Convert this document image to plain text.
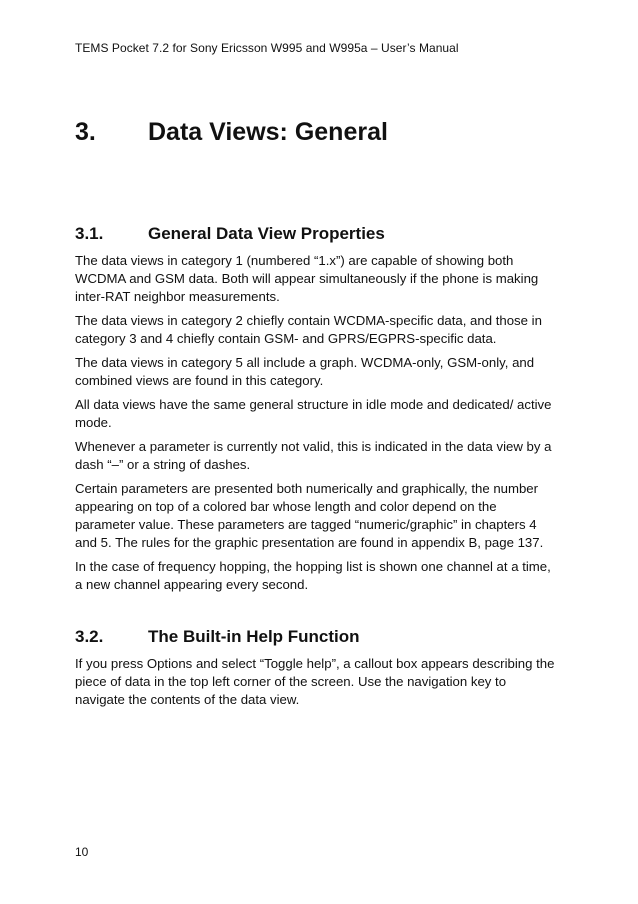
TEMS Pocket 7.2 for Sony Ericsson W995 and W995a – User’s Manual
3.	Data Views: General
3.1.	General Data View Properties

The data views in category 1 (numbered “1.x”) are capable of showing both WCDMA and GSM data. Both will appear simultaneously if the phone is making inter-RAT neighbor measurements.

The data views in category 2 chiefly contain WCDMA-specific data, and those in category 3 and 4 chiefly contain GSM- and GPRS/EGPRS-specific data.

The data views in category 5 all include a graph. WCDMA-only, GSM-only, and combined views are found in this category.

All data views have the same general structure in idle mode and dedicated/ active mode.

Whenever a parameter is currently not valid, this is indicated in the data view by a dash “–” or a string of dashes.

Certain parameters are presented both numerically and graphically, the number appearing on top of a colored bar whose length and color depend on the parameter value. These parameters are tagged “numeric/graphic” in chapters 4 and 5. The rules for the graphic presentation are found in appendix B, page 137.

In the case of frequency hopping, the hopping list is shown one channel at a time, a new channel appearing every second.

3.2.	The Built-in Help Function

If you press Options and select “Toggle help”, a callout box appears describing the piece of data in the top left corner of the screen. Use the navigation key to navigate the contents of the data view.

10
